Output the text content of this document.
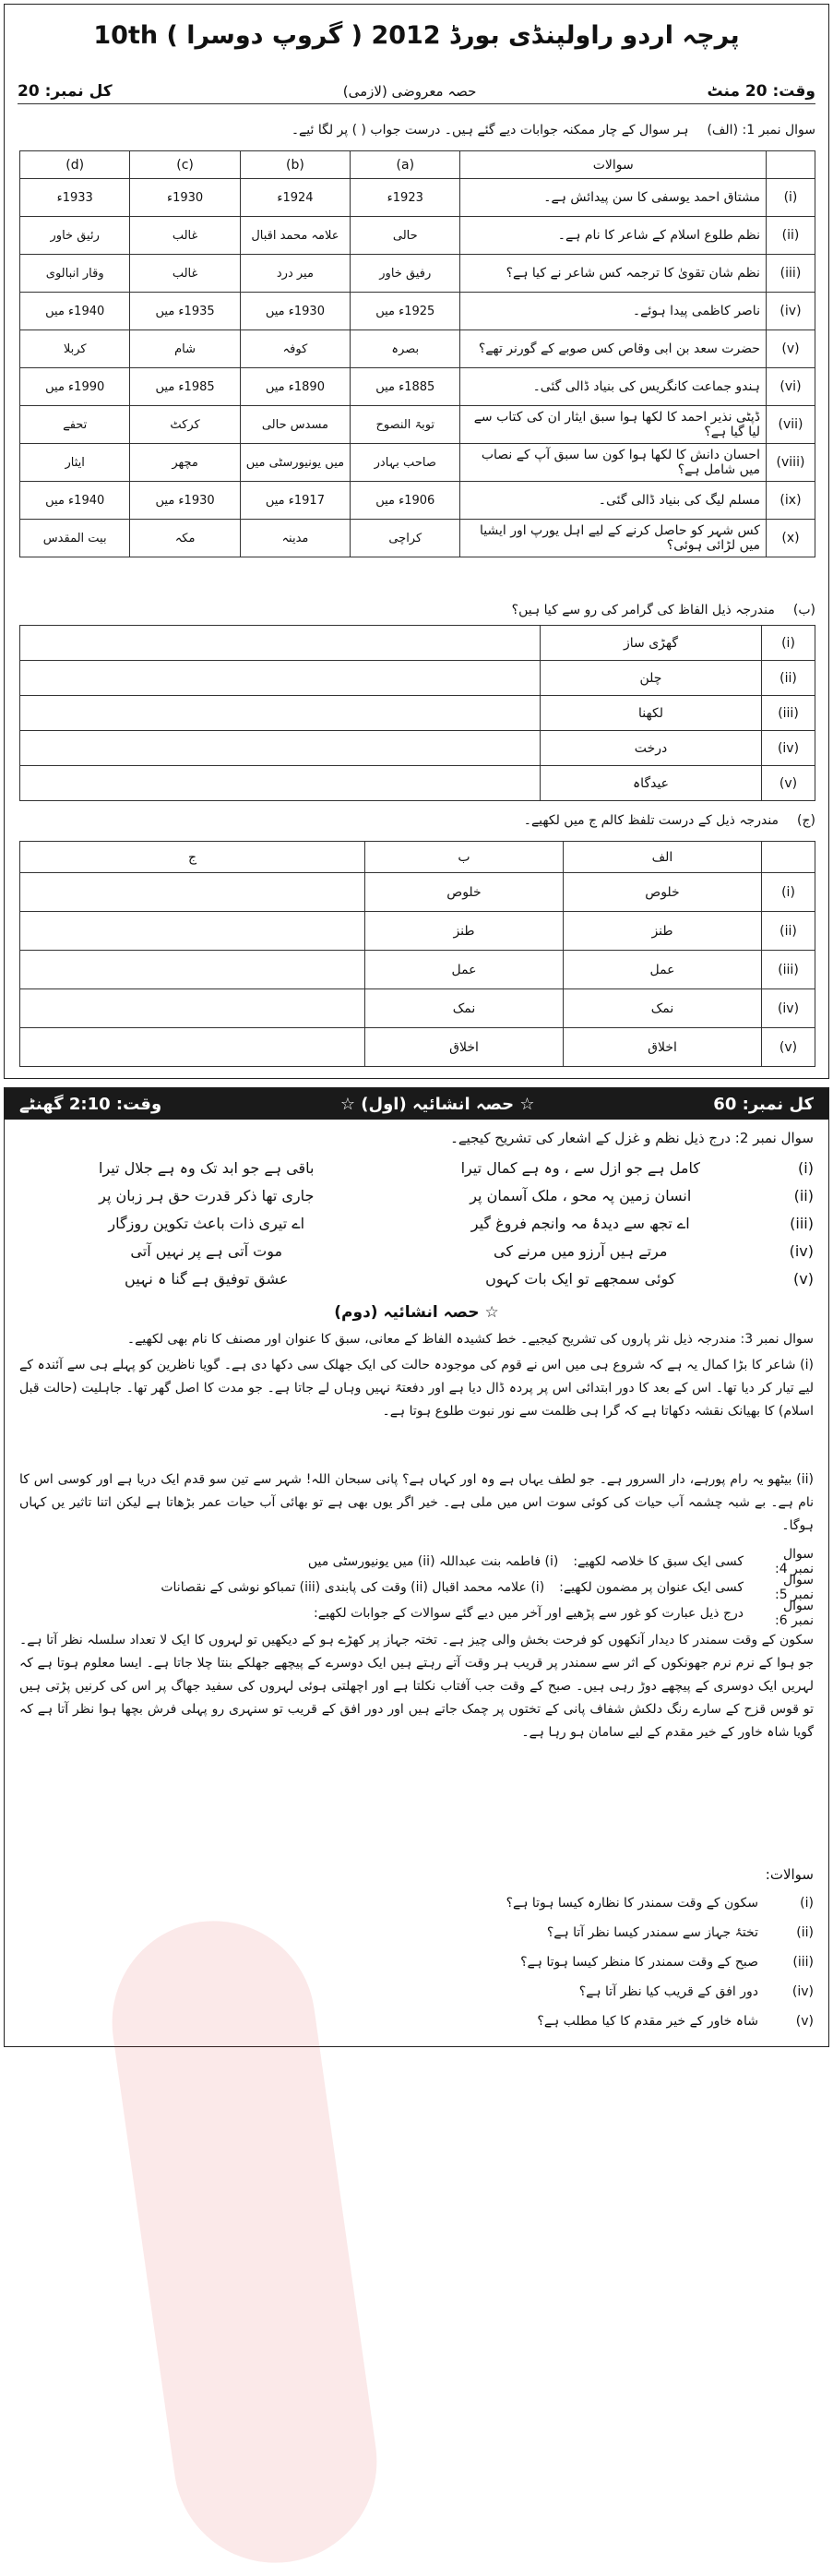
پرچہ اردو راولپنڈی بورڈ 2012 ( گروپ دوسرا ) 10th
وقت: 20 منٹ
حصہ معروضی (لازمی)
کل نمبر: 20
سوال نمبر 1: (الف)
ہر سوال کے چار ممکنہ جوابات دیے گئے ہیں۔ درست جواب ( ) پر لگا ئیے۔
	سوالات	(a)	(b)	(c)	(d)
(i)	مشتاق احمد یوسفی کا سن پیدائش ہے۔	1923ء	1924ء	1930ء	1933ء
(ii)	نظم طلوع اسلام کے شاعر کا نام ہے۔	حالی	علامہ محمد اقبال	غالب	رئیق خاور
(iii)	نظم شان تقویٰ کا ترجمہ کس شاعر نے کیا ہے؟	رفیق خاور	میر درد	غالب	وقار انبالوی
(iv)	ناصر کاظمی پیدا ہوئے۔	1925ء میں	1930ء میں	1935ء میں	1940ء میں
(v)	حضرت سعد بن ابی وقاص کس صوبے کے گورنر تھے؟	بصرہ	کوفہ	شام	کربلا
(vi)	ہندو جماعت کانگریس کی بنیاد ڈالی گئی۔	1885ء میں	1890ء میں	1985ء میں	1990ء میں
(vii)	ڈپٹی نذیر احمد کا لکھا ہوا سبق ایثار ان کی کتاب سے لیا گیا ہے؟	توبۃ النصوح	مسدس حالی	کرکٹ	تحفے
(viii)	احسان دانش کا لکھا ہوا کون سا سبق آپ کے نصاب میں شامل ہے؟	صاحب بہادر	میں یونیورسٹی میں	مچھر	ایثار
(ix)	مسلم لیگ کی بنیاد ڈالی گئی۔	1906ء میں	1917ء میں	1930ء میں	1940ء میں
(x)	کس شہر کو حاصل کرنے کے لیے اہل یورپ اور ایشیا میں لڑائی ہوئی؟	کراچی	مدینہ	مکہ	بیت المقدس
(ب)
مندرجہ ذیل الفاظ کی گرامر کی رو سے کیا ہیں؟
(i)	گھڑی ساز	
(ii)	چلن	
(iii)	لکھنا	
(iv)	درخت	
(v)	عیدگاہ	
(ج)
مندرجہ ذیل کے درست تلفظ کالم ج میں لکھیے۔
	الف	ب	ج
(i)	خلوص	خلوص	
(ii)	طنز	طنز	
(iii)	عمل	عمل	
(iv)	نمک	نمک	
(v)	اخلاق	اخلاق	
کل نمبر: 60
☆ حصہ انشائیہ (اول) ☆
وقت: 2:10 گھنٹے
سوال نمبر 2: درج ذیل نظم و غزل کے اشعار کی تشریح کیجیے۔
(i)
کامل ہے جو ازل سے ، وہ ہے کمال تیرا
باقی ہے جو ابد تک وہ ہے جلال تیرا
(ii)
انسان زمین پہ محو ، ملک آسمان پر
جاری تھا ذکر قدرت حق ہر زبان پر
(iii)
اے تجھ سے دیدۂ مہ وانجم فروغ گیر
اے تیری ذات باعث تکوین روزگار
(iv)
مرتے ہیں آرزو میں مرنے کی
موت آتی ہے پر نہیں آتی
(v)
کوئی سمجھے تو ایک بات کہوں
عشق توفیق ہے گنا ہ نہیں
☆ حصہ انشائیہ (دوم)
سوال نمبر 3: مندرجہ ذیل نثر پاروں کی تشریح کیجیے۔ خط کشیدہ الفاظ کے معانی، سبق کا عنوان اور مصنف کا نام بھی لکھیے۔
(i) شاعر کا بڑا کمال یہ ہے کہ شروع ہی میں اس نے قوم کی موجودہ حالت کی ایک جھلک سی دکھا دی ہے۔ گویا ناظرین کو پہلے ہی سے آئندہ کے لیے تیار کر دیا تھا۔ اس کے بعد کا دور ابتدائی اس پر پردہ ڈال دیا ہے اور دفعتہً نہیں وہاں لے جاتا ہے۔ جو مدت کا اصل گھر تھا۔ جاہلیت (حالت قبل اسلام) کا بھیانک نقشہ دکھاتا ہے کہ گرا ہی ظلمت سے نور نبوت طلوع ہوتا ہے۔
(ii) بیٹھو یہ رام پورہے، دار السرور ہے۔ جو لطف یہاں ہے وہ اور کہاں ہے؟ پانی سبحان اللہ! شہر سے تین سو قدم ایک دریا ہے اور کوسی اس کا نام ہے۔ بے شبہ چشمہ آب حیات کی کوئی سوت اس میں ملی ہے۔ خیر اگر یوں بھی ہے تو بھائی آب حیات عمر بڑھاتا ہے لیکن اتنا تاثیر یں کہاں ہوگا۔
سوال نمبر 4:
کسی ایک سبق کا خلاصہ لکھیے:
(i) فاطمہ بنت عبداللہ (ii) میں یونیورسٹی میں
سوال نمبر 5:
کسی ایک عنوان پر مضمون لکھیے:
(i) علامہ محمد اقبال (ii) وقت کی پابندی (iii) تمباکو نوشی کے نقصانات
سوال نمبر 6:
درج ذیل عبارت کو غور سے پڑھیے اور آخر میں دیے گئے سوالات کے جوابات لکھیے:
سکون کے وقت سمندر کا دیدار آنکھوں کو فرحت بخش والی چیز ہے۔ تختہ جہاز پر کھڑے ہو کے دیکھیں تو لہروں کا ایک لا تعداد سلسلہ نظر آتا ہے۔ جو ہوا کے نرم نرم جھونکوں کے اثر سے سمندر پر قریب ہر وقت آتے رہتے ہیں ایک دوسرے کے پیچھے جھلکے بنتا چلا جاتا ہے۔ ایسا معلوم ہوتا ہے کہ لہریں ایک دوسری کے پیچھے دوڑ رہی ہیں۔ صبح کے وقت جب آفتاب نکلتا ہے اور اچھلتی ہوئی لہروں کی سفید جھاگ پر اس کی کرنیں پڑتی ہیں تو قوس قزح کے سارے رنگ دلکش شفاف پانی کے تختوں پر چمک جاتے ہیں اور دور افق کے قریب تو سنہری رو پہلی فرش بچھا ہوا نظر آتا ہے کہ گویا شاہ خاور کے خیر مقدم کے لیے سامان ہو رہا ہے۔
سوالات:
(i)
سکون کے وقت سمندر کا نظارہ کیسا ہوتا ہے؟
(ii)
تختۂ جہاز سے سمندر کیسا نظر آتا ہے؟
(iii)
صبح کے وقت سمندر کا منظر کیسا ہوتا ہے؟
(iv)
دور افق کے قریب کیا نظر آتا ہے؟
(v)
شاہ خاور کے خیر مقدم کا کیا مطلب ہے؟
